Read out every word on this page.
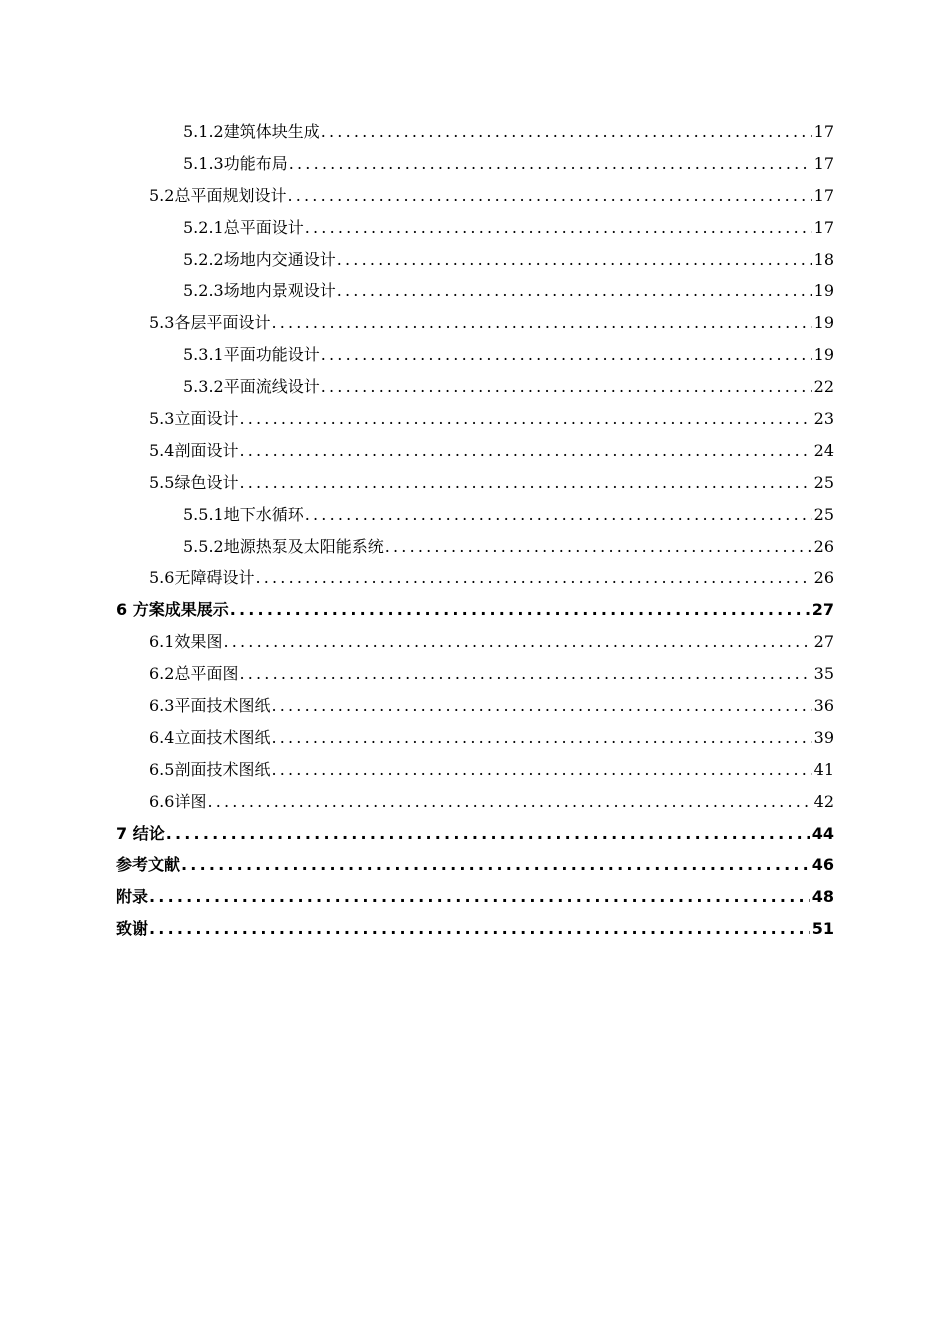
5.1.2建筑体块生成 .....	17
5.1.3功能布局 .....	17
5.2总平面规划设计 .....	17
5.2.1总平面设计 .....	17
5.2.2场地内交通设计 .....	18
5.2.3场地内景观设计 .....	19
5.3各层平面设计 .....	19
5.3.1平面功能设计 .....	19
5.3.2平面流线设计 .....	22
5.3立面设计 .....	23
5.4剖面设计 .....	24
5.5绿色设计 .....	25
5.5.1地下水循环 .....	25
5.5.2地源热泵及太阳能系统 .....	26
5.6无障碍设计 .....	26
6 方案成果展示 .....	27
6.1效果图 .....	27
6.2总平面图 .....	35
6.3平面技术图纸 .....	36
6.4立面技术图纸 .....	39
6.5剖面技术图纸 .....	41
6.6详图 .....	42
7 结论 .....	44
参考文献 .....	46
附录 .....	48
致谢 .....	51
